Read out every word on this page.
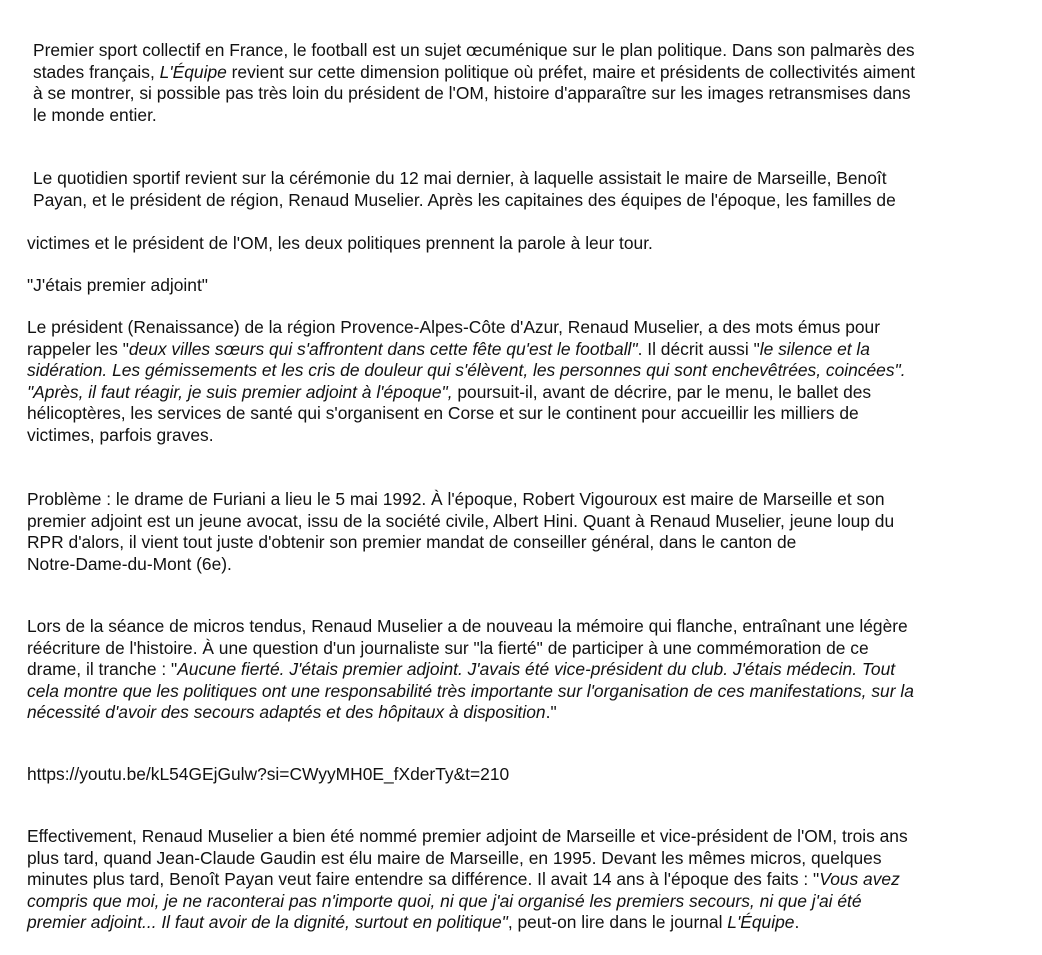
Premier sport collectif en France, le football est un sujet œcuménique sur le plan politique. Dans son palmarès des
stades français, L'Équipe revient sur cette dimension politique où préfet, maire et présidents de collectivités aiment
à se montrer, si possible pas très loin du président de l'OM, histoire d'apparaître sur les images retransmises dans
le monde entier.
Le quotidien sportif revient sur la cérémonie du 12 mai dernier, à laquelle assistait le maire de Marseille, Benoît
Payan, et le président de région, Renaud Muselier. Après les capitaines des équipes de l'époque, les familles de
victimes et le président de l'OM, les deux politiques prennent la parole à leur tour.
"J'étais premier adjoint"
Le président (Renaissance) de la région Provence-Alpes-Côte d'Azur, Renaud Muselier, a des mots émus pour
rappeler les "deux villes sœurs qui s'affrontent dans cette fête qu'est le football". Il décrit aussi "le silence et la
sidération. Les gémissements et les cris de douleur qui s'élèvent, les personnes qui sont enchevêtrées, coincées".
"Après, il faut réagir, je suis premier adjoint à l'époque", poursuit-il, avant de décrire, par le menu, le ballet des
hélicoptères, les services de santé qui s'organisent en Corse et sur le continent pour accueillir les milliers de
victimes, parfois graves.
Problème : le drame de Furiani a lieu le 5 mai 1992. À l'époque, Robert Vigouroux est maire de Marseille et son
premier adjoint est un jeune avocat, issu de la société civile, Albert Hini. Quant à Renaud Muselier, jeune loup du
RPR d'alors, il vient tout juste d'obtenir son premier mandat de conseiller général, dans le canton de
Notre-Dame-du-Mont (6e).
Lors de la séance de micros tendus, Renaud Muselier a de nouveau la mémoire qui flanche, entraînant une légère
réécriture de l'histoire. À une question d'un journaliste sur "la fierté" de participer à une commémoration de ce
drame, il tranche : "Aucune fierté. J'étais premier adjoint. J'avais été vice-président du club. J'étais médecin. Tout
cela montre que les politiques ont une responsabilité très importante sur l'organisation de ces manifestations, sur la
nécessité d'avoir des secours adaptés et des hôpitaux à disposition."
https://youtu.be/kL54GEjGulw?si=CWyyMH0E_fXderTy&t=210
Effectivement, Renaud Muselier a bien été nommé premier adjoint de Marseille et vice-président de l'OM, trois ans
plus tard, quand Jean-Claude Gaudin est élu maire de Marseille, en 1995. Devant les mêmes micros, quelques
minutes plus tard, Benoît Payan veut faire entendre sa différence. Il avait 14 ans à l'époque des faits : "Vous avez
compris que moi, je ne raconterai pas n'importe quoi, ni que j'ai organisé les premiers secours, ni que j'ai été
premier adjoint... Il faut avoir de la dignité, surtout en politique", peut-on lire dans le journal L'Équipe.
